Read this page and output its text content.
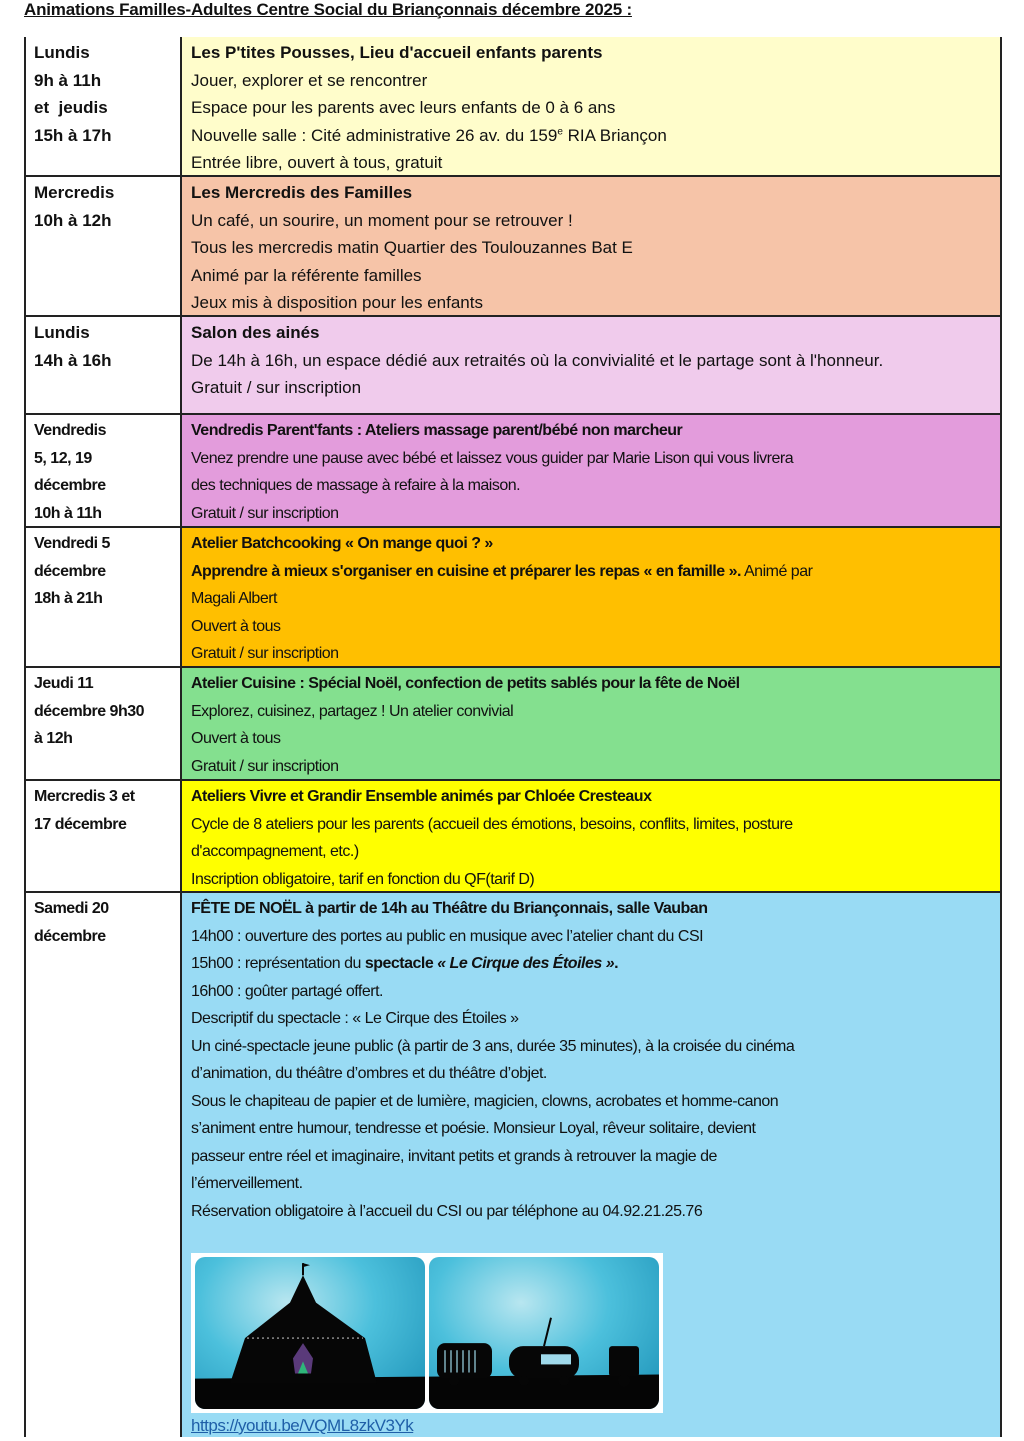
Animations Familles-Adultes Centre Social du Briançonnais décembre 2025 :
Lundis
9h à 11h
et  jeudis
15h à 17h
Les P'tites Pousses, Lieu d'accueil enfants parents
Jouer, explorer et se rencontrer
Espace pour les parents avec leurs enfants de 0 à 6 ans
Nouvelle salle : Cité administrative 26 av. du 159e RIA Briançon
Entrée libre, ouvert à tous, gratuit
Mercredis
10h à 12h
Les Mercredis des Familles
Un café, un sourire, un moment pour se retrouver !
Tous les mercredis matin Quartier des Toulouzannes Bat E
Animé par la référente familles
Jeux mis à disposition pour les enfants
Lundis
14h à 16h
Salon des ainés
De 14h à 16h, un espace dédié aux retraités où la convivialité et le partage sont à l'honneur.
Gratuit / sur inscription
Vendredis
5, 12, 19
décembre
10h à 11h
Vendredis Parent'fants : Ateliers massage parent/bébé non marcheur
Venez prendre une pause avec bébé et laissez vous guider par Marie Lison qui vous livrera
des techniques de massage à refaire à la maison.
Gratuit / sur inscription
Vendredi 5
décembre
18h à 21h
Atelier Batchcooking « On mange quoi ? »
Apprendre à mieux s'organiser en cuisine et préparer les repas « en famille ». Animé par
Magali Albert
Ouvert à tous
Gratuit / sur inscription
Jeudi 11
décembre 9h30
à 12h
Atelier Cuisine : Spécial Noël, confection de petits sablés pour la fête de Noël
Explorez, cuisinez, partagez ! Un atelier convivial
Ouvert à tous
Gratuit / sur inscription
Mercredis 3 et
17 décembre
Ateliers Vivre et Grandir Ensemble animés par Chloée Cresteaux
Cycle de 8 ateliers pour les parents (accueil des émotions, besoins, conflits, limites, posture
d'accompagnement, etc.)
Inscription obligatoire, tarif en fonction du QF(tarif D)
Samedi 20
décembre
FÊTE DE NOËL à partir de 14h au Théâtre du Briançonnais, salle Vauban
14h00 : ouverture des portes au public en musique avec l’atelier chant du CSI
15h00 : représentation du spectacle « Le Cirque des Étoiles ».
16h00 : goûter partagé offert.
Descriptif du spectacle : « Le Cirque des Étoiles »
Un ciné-spectacle jeune public (à partir de 3 ans, durée 35 minutes), à la croisée du cinéma
d’animation, du théâtre d’ombres et du théâtre d’objet.
Sous le chapiteau de papier et de lumière, magicien, clowns, acrobates et homme-canon
s’animent entre humour, tendresse et poésie. Monsieur Loyal, rêveur solitaire, devient
passeur entre réel et imaginaire, invitant petits et grands à retrouver la magie de
l’émerveillement.
Réservation obligatoire à l’accueil du CSI ou par téléphone au 04.92.21.25.76
https://youtu.be/VQML8zkV3Yk
